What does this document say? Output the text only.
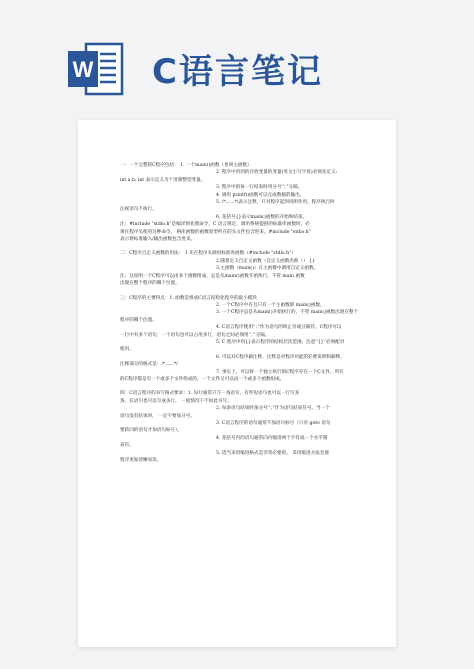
W C语言笔记
一：一个完整的C程序包括： 1. 一个main()函数（也叫主函数）
2. 程序中用到的存放变量的变量(英文小写字母)必须先定义:
int a,b; int 表示定义为十进制整型变量。
3. 程序中的每一行结束时用分号“；”分隔。
4. 调用 printf()函数可以完成数据的输出。
5. /*......*/表示注释，只对程序起到说明作用，程序执行时
注视语句不执行。
6. 花括号{}表示main()函数的开始和结束。
注：#include "stdio.h"是编译预处理命令。C 语言规定，调用系统提供的标准库函数时，必
须在程序头使用这种命令。 格库函数的函数原型所在的头文件包含进来。#include "stdio.h"
表示将标准输入/输出函数包含进来。
二：C程序自定义函数的用法： 1 先在程序头调用标准库函数（#include "stdio.h"）
2.随着定义自定义函数（自定义函数名称（） {}
3.主函数（main()）在主函数中调用自定义函数。
注：这说明一个C程序可以由多个函数组成，总是从main()函数开始执行，不管 main 函数
出现在整个程序的哪个位置。
三：C程序的主要特点：1. 函数是组成C语言结构化程序的最小模块
2. 一个C程序中有且只有一个主函数即 main()函数。
3. 一个C程序总是从main()开始执行的，不管 main()函数出现在整个
程序的哪个位置。
4. C语言程序使用“；”作为语句的终止符或分隔符。C程序可以
一行中有多个语句，一个语句也可以占用多行，语句之间必须用“；”分隔。
5. C 程序中用{}表示程序的结构层次范围。注意“{}”必须配对
使用。
6. 可以对C程序做注释，注释是对程序功能的必要说明和解释。
注释部分的格式是：/*......*/
7. 事实上，可以将一个独立执行的C程序存在一个C文件。所有
的C程序都是有一个或多个文件组成的，一个文件又可以由一个或多个函数组成。
四：C语言程序的书写格式要求：1. 每行通常只写一条语句，有些短语句也可以一行写多
条，长语句也可以写成多行， 一般情况下不如此书写。
2. 每条语句结束时加分号“；”作为语句结束符号。当一个
语句没有结束时， 一定不要加分号。
3. C语言程序的语句通常不加语句标号（只有 goto 语句
要转向的语句才加语句标号）。
4. 花括号内的语句通常向内缩进两个字符或一个水平制
表符。
5. 适当采用缩进格式是非常必要的。 采用缩进方法会使
程序更加清晰易读。
